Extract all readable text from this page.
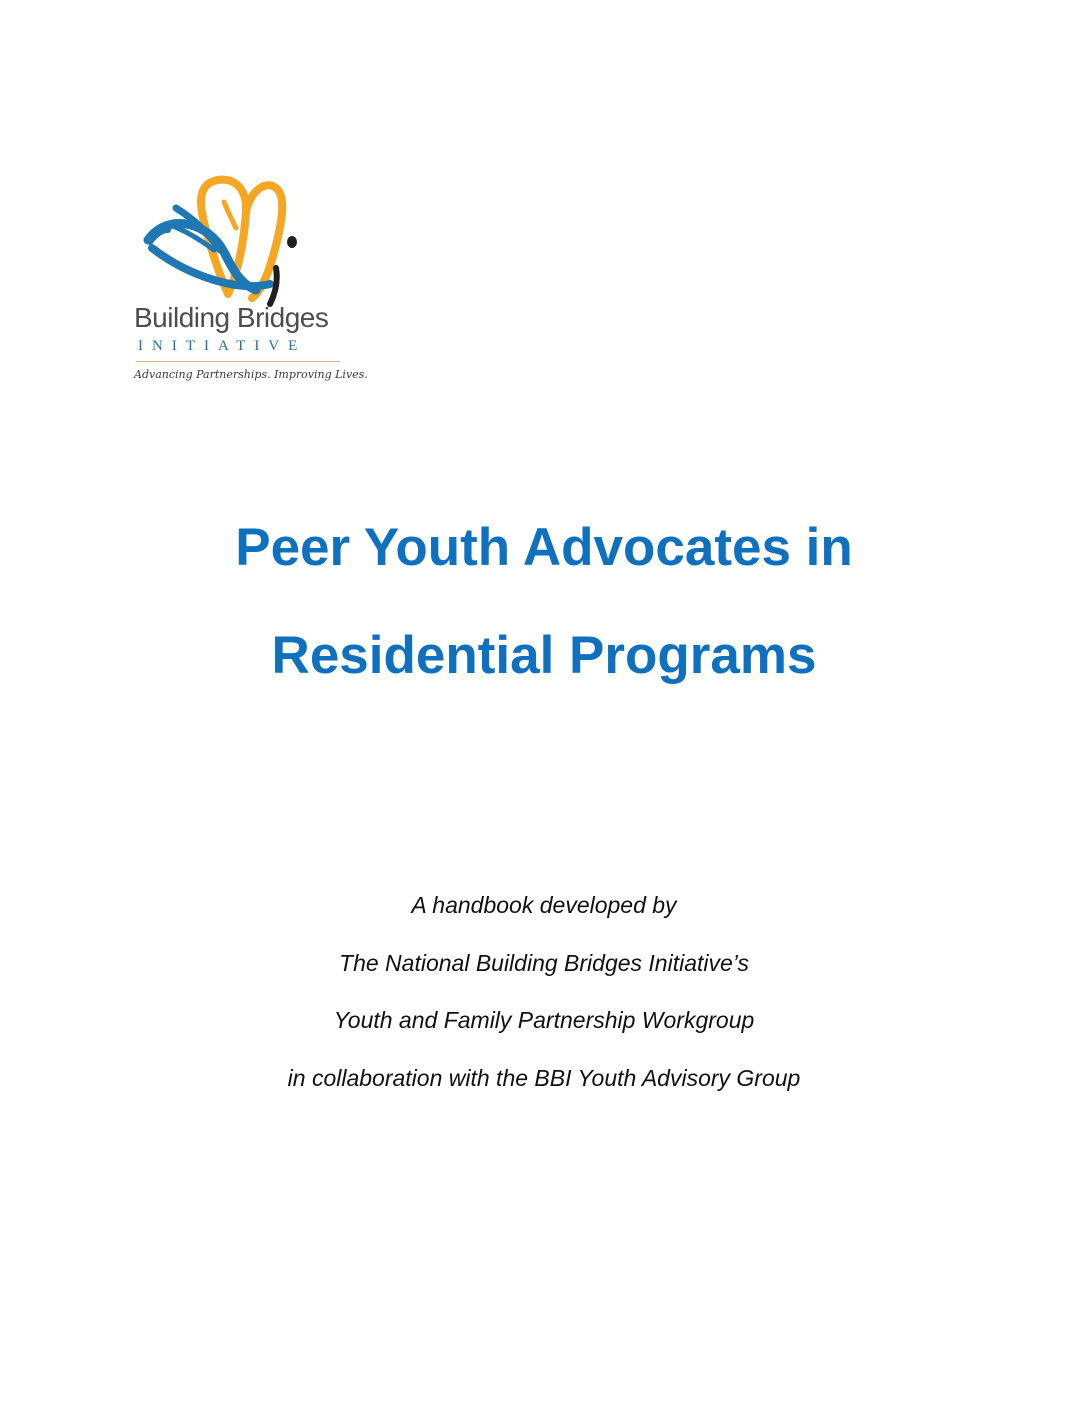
Building Bridges
INITIATIVE
Advancing Partnerships. Improving Lives.
Peer Youth Advocates in
Residential Programs
A handbook developed by
The National Building Bridges Initiative’s
Youth and Family Partnership Workgroup
in collaboration with the BBI Youth Advisory Group
